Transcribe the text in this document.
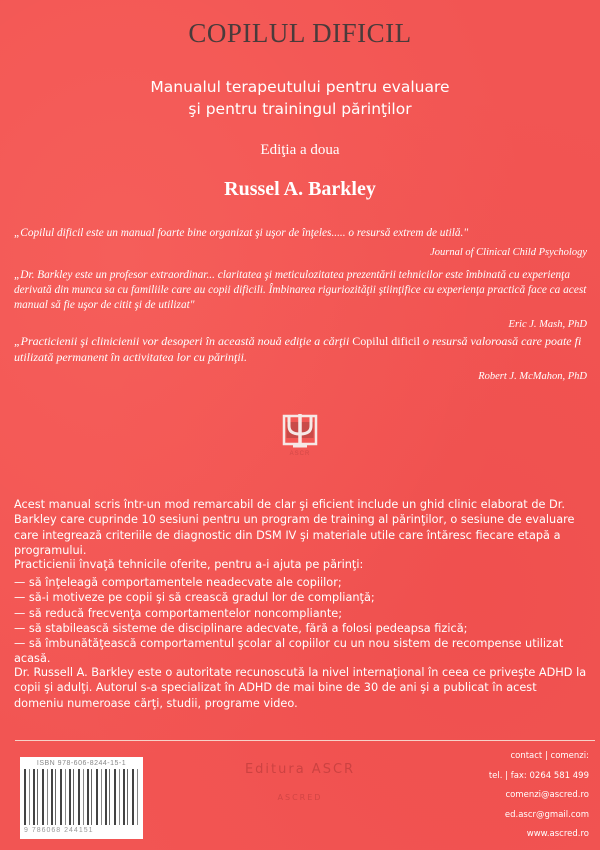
COPILUL DIFICIL
Manualul terapeutului pentru evaluare
şi pentru trainingul părinţilor
Ediţia a doua
Russel A. Barkley
„Copilul dificil este un manual foarte bine organizat şi uşor de înţeles..... o resursă extrem de utilă."
Journal of Clinical Child Psychology
„Dr. Barkley este un profesor extraordinar... claritatea şi meticulozitatea prezentării tehnicilor este îmbinată cu experienţa derivată din munca sa cu familiile care au copii dificili. Îmbinarea riguriozităţii ştiinţifice cu experienţa practică face ca acest manual să fie uşor de citit şi de utilizat"
Eric J. Mash, PhD
„Practicienii şi clinicienii vor desoperi în această nouă ediţie a cărţii Copilul dificil o resursă valoroasă care poate fi utilizată permanent în activitatea lor cu părinţii.
Robert J. McMahon, PhD
ASCR
Acest manual scris într-un mod remarcabil de clar şi eficient include un ghid clinic elaborat de Dr. Barkley care cuprinde 10 sesiuni pentru un program de training al părinţilor, o sesiune de evaluare care integrează criteriile de diagnostic din DSM IV şi materiale utile care întăresc fiecare etapă a programului.
Practicienii învaţă tehnicile oferite, pentru a-i ajuta pe părinţi:
— să înţeleagă comportamentele neadecvate ale copiilor;
— să-i motiveze pe copii şi să crească gradul lor de complianţă;
— să reducă frecvenţa comportamentelor noncompliante;
— să stabilească sisteme de disciplinare adecvate, fără a folosi pedeapsa fizică;
— să îmbunătăţească comportamentul şcolar al copiilor cu un nou sistem de recompense utilizat acasă.
Dr. Russell A. Barkley este o autoritate recunoscută la nivel internaţional în ceea ce priveşte ADHD la copii şi adulţi. Autorul s-a specializat în ADHD de mai bine de 30 de ani şi a publicat în acest domeniu numeroase cărţi, studii, programe video.
ISBN 978-606-8244-15-1
9 786068 244151
Editura ASCR
ASCRED
contact | comenzi:
tel. | fax: 0264 581 499
comenzi@ascred.ro
ed.ascr@gmail.com
www.ascred.ro
